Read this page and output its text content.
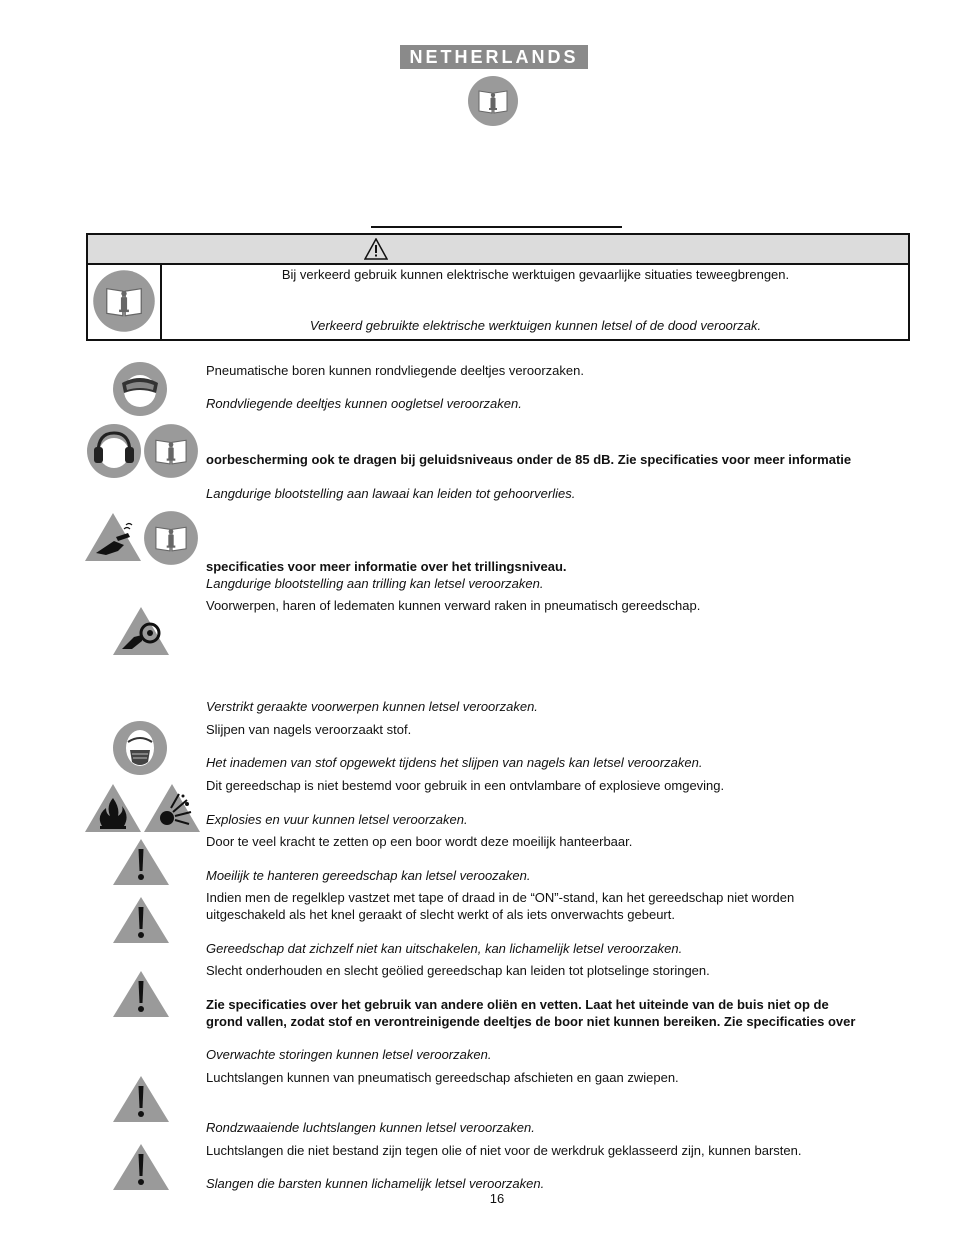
NETHERLANDS
Bij verkeerd gebruik kunnen elektrische werktuigen gevaarlijke situaties teweegbrengen.
Verkeerd gebruikte elektrische werktuigen kunnen letsel of de dood veroorzak.
Pneumatische boren kunnen rondvliegende deeltjes veroorzaken.
Rondvliegende deeltjes kunnen oogletsel veroorzaken.
oorbescherming ook te dragen bij geluidsniveaus onder de 85 dB. Zie specificaties voor meer informatie
Langdurige blootstelling aan lawaai kan leiden tot gehoorverlies.
specificaties voor meer informatie over het trillingsniveau.
Langdurige blootstelling aan trilling kan letsel veroorzaken.
Voorwerpen, haren of ledematen kunnen verward raken in pneumatisch gereedschap.
Verstrikt geraakte voorwerpen kunnen letsel veroorzaken.
Slijpen van nagels veroorzaakt stof.
Het inademen van stof opgewekt tijdens het slijpen van nagels kan letsel veroorzaken.
Dit gereedschap is niet bestemd voor gebruik in een ontvlambare of explosieve omgeving.
Explosies en vuur kunnen letsel veroorzaken.
Door te veel kracht te zetten op een boor wordt deze moeilijk hanteerbaar.
Moeilijk te hanteren gereedschap kan letsel veroozaken.
Indien men de regelklep vastzet met tape of draad in de “ON”-stand, kan het gereedschap niet worden
uitgeschakeld als het knel geraakt of slecht werkt of als iets onverwachts gebeurt.
Gereedschap dat zichzelf niet kan uitschakelen, kan lichamelijk letsel veroorzaken.
Slecht onderhouden en slecht geölied gereedschap kan leiden tot plotselinge storingen.
Zie specificaties over het gebruik van andere oliën en vetten. Laat het uiteinde van de buis niet op de
grond vallen, zodat stof en verontreinigende deeltjes de boor niet kunnen bereiken. Zie specificaties over
Overwachte storingen kunnen letsel veroorzaken.
Luchtslangen kunnen van pneumatisch gereedschap afschieten en gaan zwiepen.
Rondzwaaiende luchtslangen kunnen letsel veroorzaken.
Luchtslangen die niet bestand zijn tegen olie of niet voor de werkdruk geklasseerd zijn, kunnen barsten.
Slangen die barsten kunnen lichamelijk letsel veroorzaken.
16
